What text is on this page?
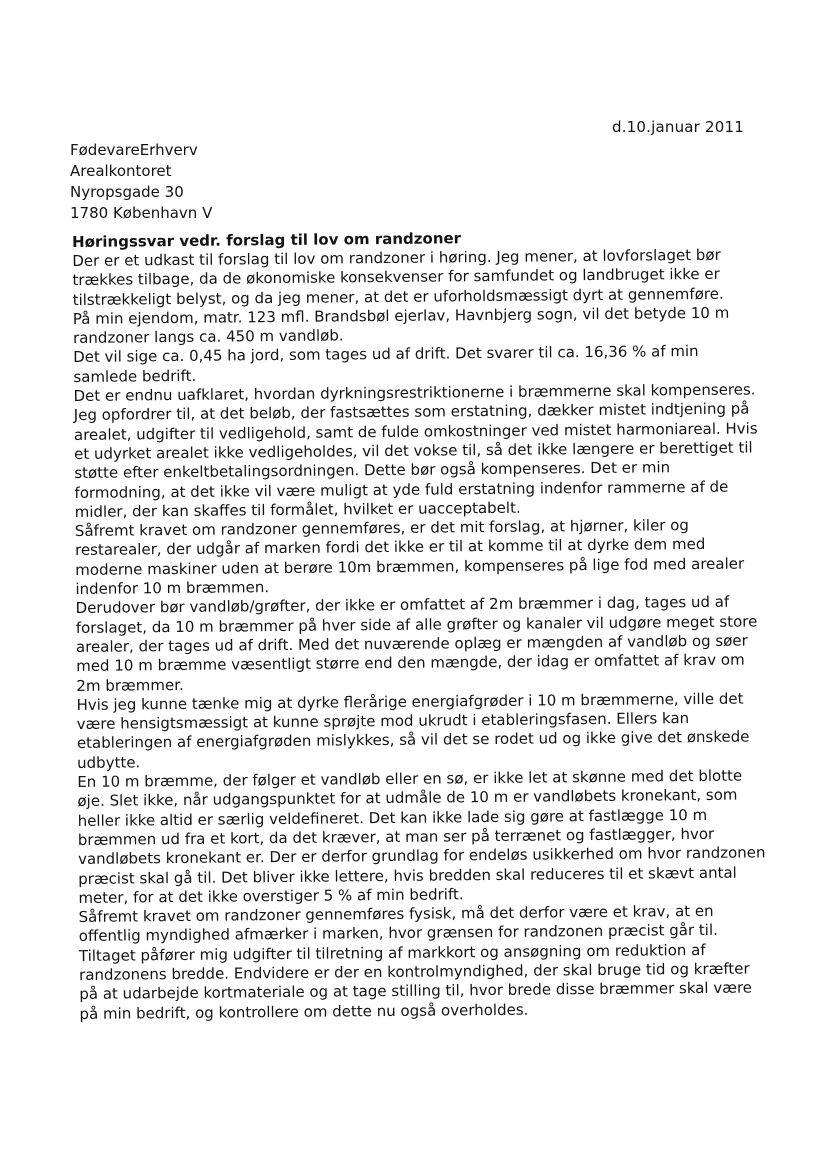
d.10.januar 2011
FødevareErhverv
Arealkontoret
Nyropsgade 30
1780 København V

Høringssvar vedr. forslag til lov om randzoner

Der er et udkast til forslag til lov om randzoner i høring. Jeg mener, at lovforslaget bør trækkes tilbage, da de økonomiske konsekvenser for samfundet og landbruget ikke er tilstrækkeligt belyst, og da jeg mener, at det er uforholdsmæssigt dyrt at gennemføre.

På min ejendom, matr. 123 mfl. Brandsbøl ejerlav, Havnbjerg sogn, vil det betyde 10 m randzoner langs ca. 450 m vandløb.

Det vil sige ca. 0,45 ha jord, som tages ud af drift. Det svarer til ca. 16,36 % af min samlede bedrift.

Det er endnu uafklaret, hvordan dyrkningsrestriktionerne i bræmmerne skal kompenseres. Jeg opfordrer til, at det beløb, der fastsættes som erstatning, dækker mistet indtjening på arealet, udgifter til vedligehold, samt de fulde omkostninger ved mistet harmoniareal. Hvis et udyrket arealet ikke vedligeholdes, vil det vokse til, så det ikke længere er berettiget til støtte efter enkeltbetalingsordningen. Dette bør også kompenseres. Det er min formodning, at det ikke vil være muligt at yde fuld erstatning indenfor rammerne af de midler, der kan skaffes til formålet, hvilket er uacceptabelt.

Såfremt kravet om randzoner gennemføres, er det mit forslag, at hjørner, kiler og restarealer, der udgår af marken fordi det ikke er til at komme til at dyrke dem med moderne maskiner uden at berøre 10m bræmmen, kompenseres på lige fod med arealer indenfor 10 m bræmmen.

Derudover bør vandløb/grøfter, der ikke er omfattet af 2m bræmmer i dag, tages ud af forslaget, da 10 m bræmmer på hver side af alle grøfter og kanaler vil udgøre meget store arealer, der tages ud af drift. Med det nuværende oplæg er mængden af vandløb og søer med 10 m bræmme væsentligt større end den mængde, der idag er omfattet af krav om 2m bræmmer.

Hvis jeg kunne tænke mig at dyrke flerårige energiafgrøder i 10 m bræmmerne, ville det være hensigtsmæssigt at kunne sprøjte mod ukrudt i etableringsfasen. Ellers kan etableringen af energiafgrøden mislykkes, så vil det se rodet ud og ikke give det ønskede udbytte.

En 10 m bræmme, der følger et vandløb eller en sø, er ikke let at skønne med det blotte øje. Slet ikke, når udgangspunktet for at udmåle de 10 m er vandløbets kronekant, som heller ikke altid er særlig veldefineret. Det kan ikke lade sig gøre at fastlægge 10 m bræmmen ud fra et kort, da det kræver, at man ser på terrænet og fastlægger, hvor vandløbets kronekant er. Der er derfor grundlag for endeløs usikkerhed om hvor randzonen præcist skal gå til. Det bliver ikke lettere, hvis bredden skal reduceres til et skævt antal meter, for at det ikke overstiger 5 % af min bedrift.

Såfremt kravet om randzoner gennemføres fysisk, må det derfor være et krav, at en offentlig myndighed afmærker i marken, hvor grænsen for randzonen præcist går til.

Tiltaget påfører mig udgifter til tilretning af markkort og ansøgning om reduktion af randzonens bredde. Endvidere er der en kontrolmyndighed, der skal bruge tid og kræfter på at udarbejde kortmateriale og at tage stilling til, hvor brede disse bræmmer skal være på min bedrift, og kontrollere om dette nu også overholdes.
